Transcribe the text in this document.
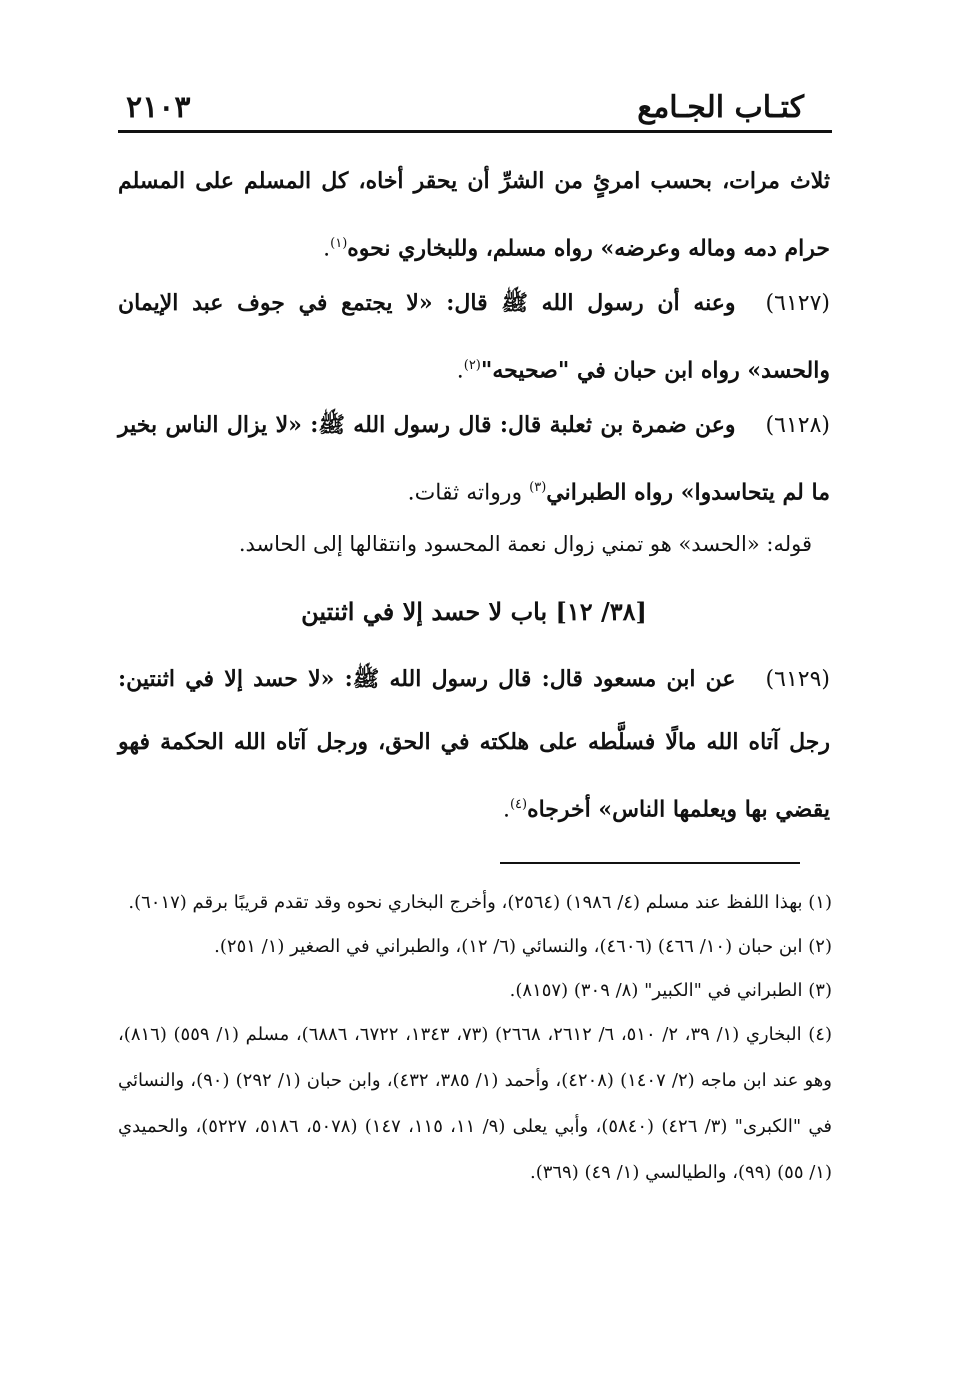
كتـاب الجـامع
٢١٠٣
ثلاث مرات، بحسب امرئٍ من الشرِّ أن يحقر أخاه، كل المسلم على المسلم حرام دمه وماله وعرضه» رواه مسلم، وللبخاري نحوه$^{(١)}$.
(٦١٢٧)وعنه أن رسول الله ﷺ قال: «لا يجتمع في جوف عبد الإيمان والحسد» رواه ابن حبان في "صحيحه"$^{(٢)}$.
(٦١٢٨)وعن ضمرة بن ثعلبة قال: قال رسول الله ﷺ: «لا يزال الناس بخير ما لم يتحاسدوا» رواه الطبراني$^{(٣)}$ ورواته ثقات.
قوله: «الحسد» هو تمني زوال نعمة المحسود وانتقالها إلى الحاسد.
[٣٨/ ١٢] باب لا حسد إلا في اثنتين
(٦١٢٩)عن ابن مسعود قال: قال رسول الله ﷺ: «لا حسد إلا في اثنتين: رجل آتاه الله مالًا فسلَّطه على هلكته في الحق، ورجل آتاه الله الحكمة فهو يقضي بها ويعلمها الناس» أخرجاه$^{(٤)}$.

(١) بهذا اللفظ عند مسلم (٤/ ١٩٨٦) (٢٥٦٤)، وأخرج البخاري نحوه وقد تقدم قريبًا برقم (٦٠١٧).

(٢) ابن حبان (١٠/ ٤٦٦) (٤٦٠٦)، والنسائي (٦/ ١٢)، والطبراني في الصغير (١/ ٢٥١).

(٣) الطبراني في "الكبير" (٨/ ٣٠٩) (٨١٥٧).

(٤) البخاري (١/ ٣٩، ٢/ ٥١٠، ٦/ ٢٦١٢، ٢٦٦٨) (٧٣، ١٣٤٣، ٦٧٢٢، ٦٨٨٦)، مسلم (١/ ٥٥٩) (٨١٦)، وهو عند ابن ماجه (٢/ ١٤٠٧) (٤٢٠٨)، وأحمد (١/ ٣٨٥، ٤٣٢)، وابن حبان (١/ ٢٩٢) (٩٠)، والنسائي في "الكبرى" (٣/ ٤٢٦) (٥٨٤٠)، وأبي يعلى (٩/ ١١، ١١٥، ١٤٧) (٥٠٧٨، ٥١٨٦، ٥٢٢٧)، والحميدي (١/ ٥٥) (٩٩)، والطيالسي (١/ ٤٩) (٣٦٩).
